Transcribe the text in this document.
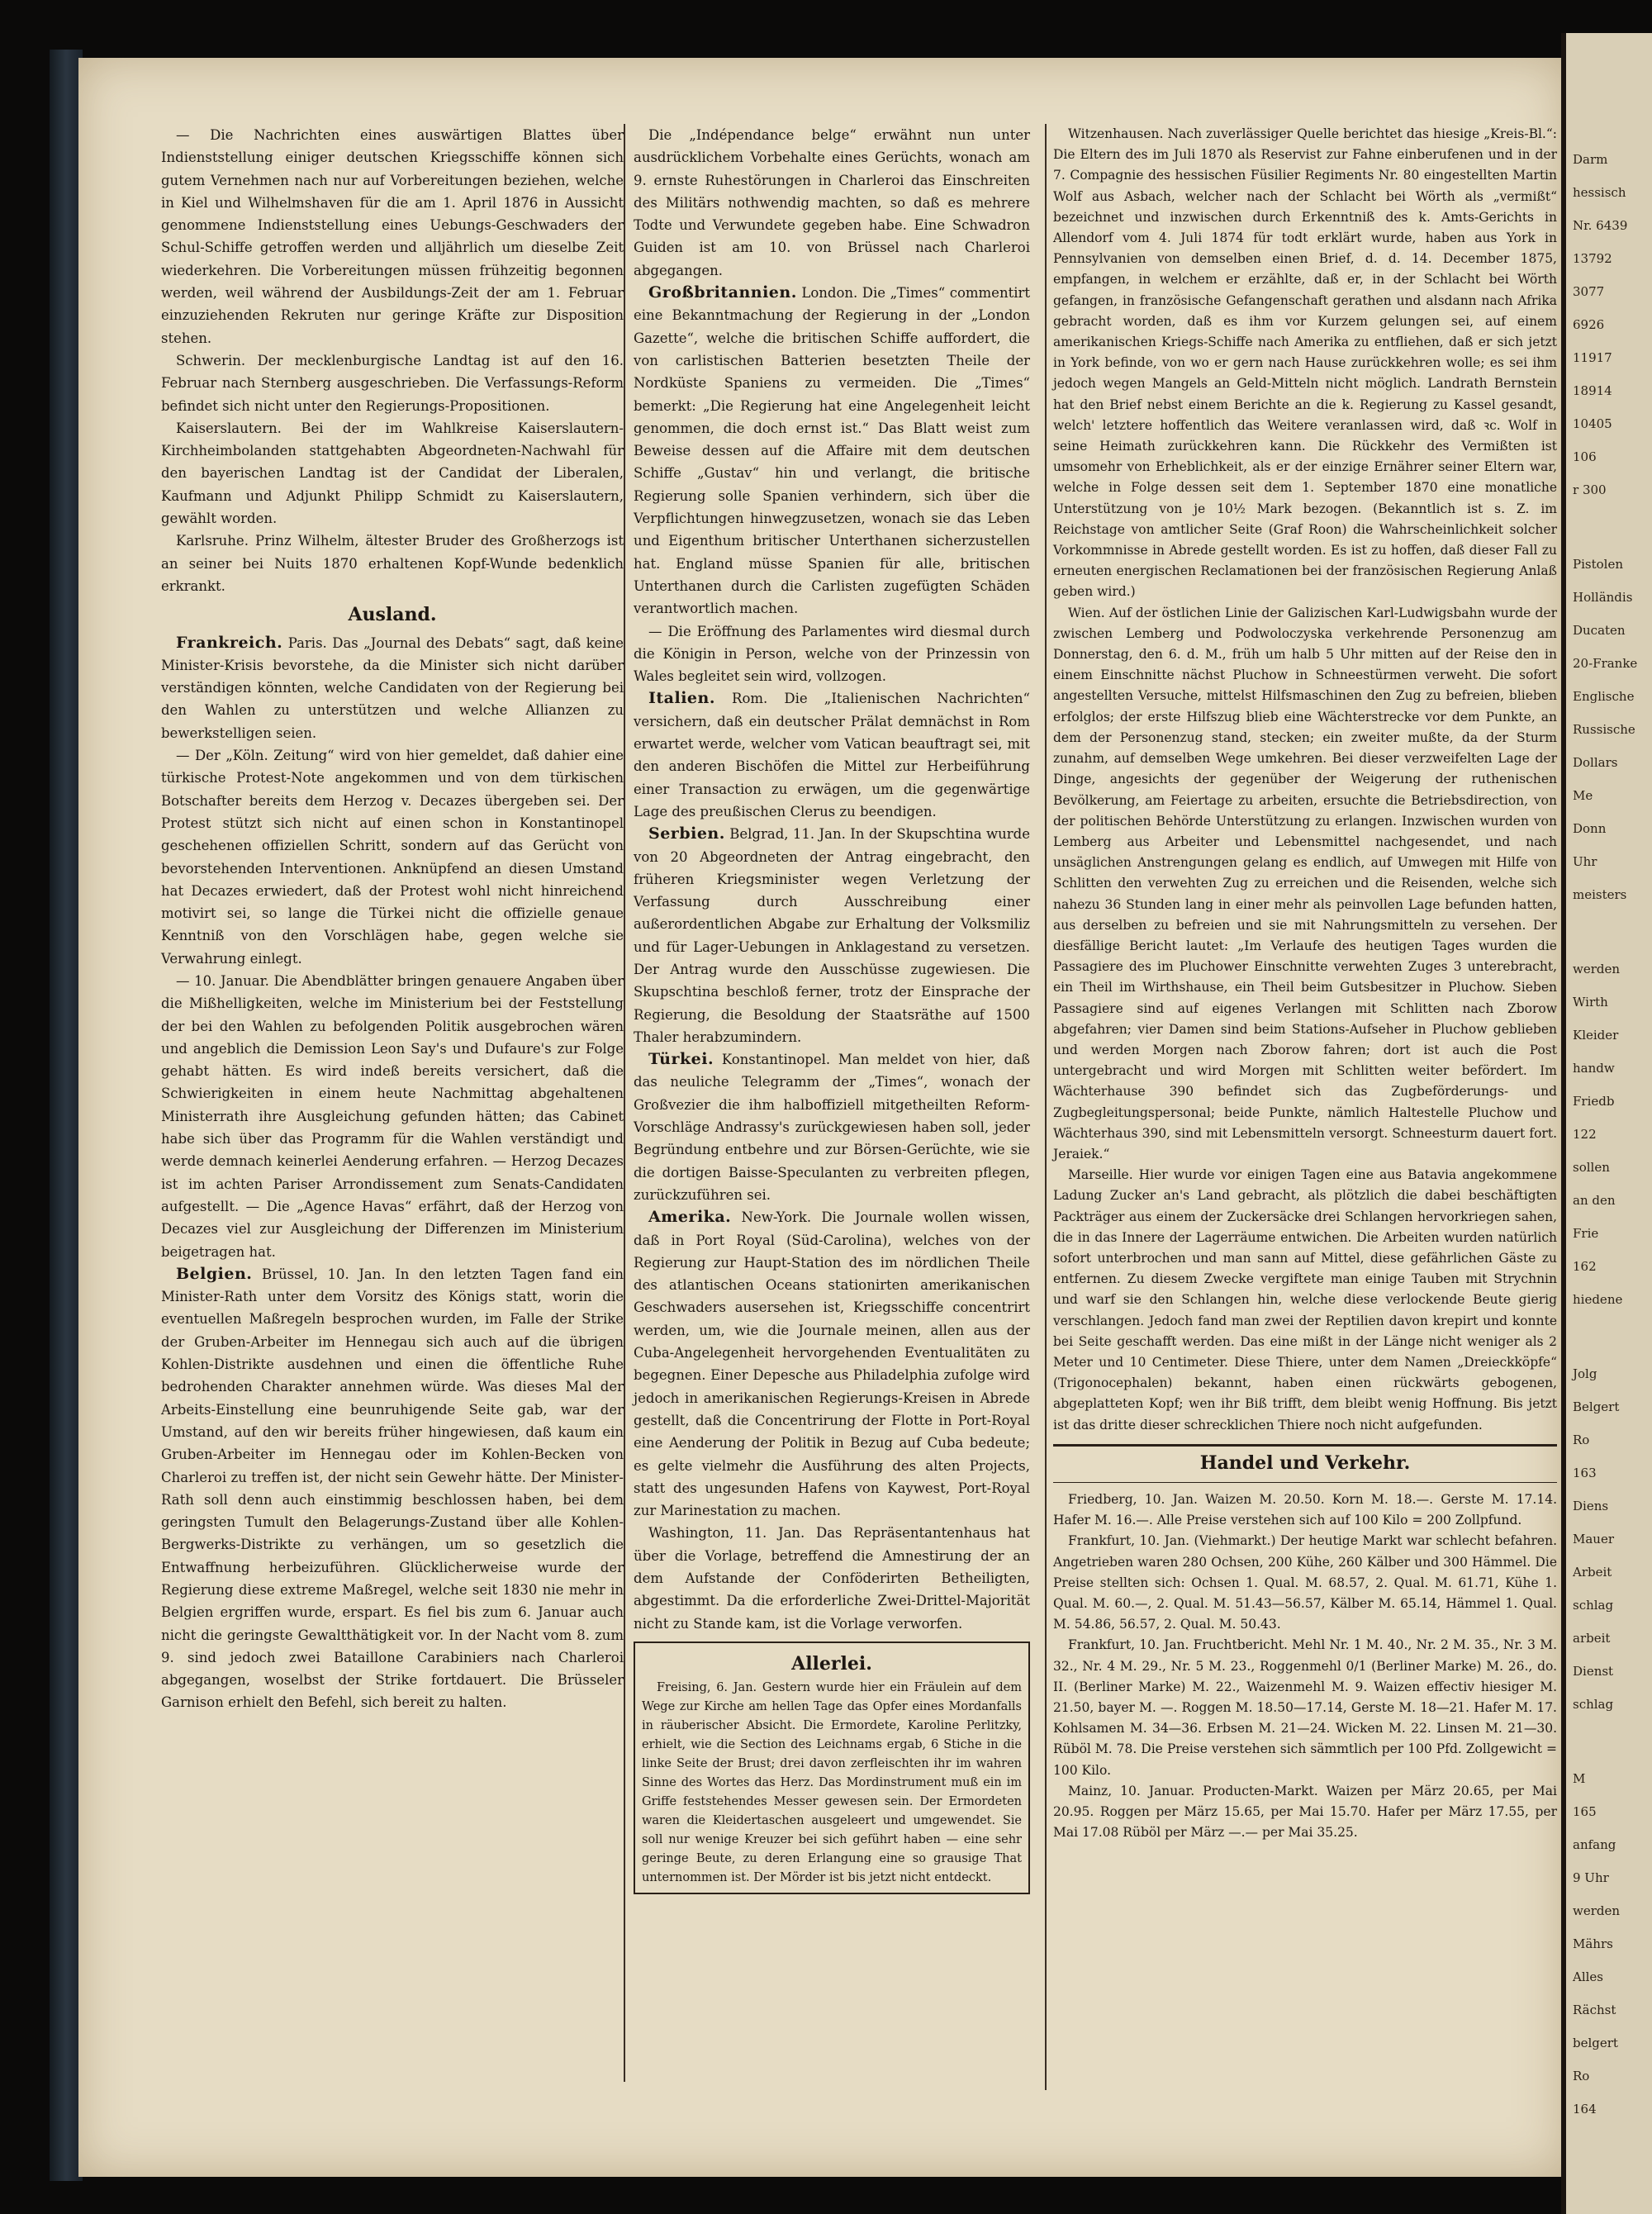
— Die Nachrichten eines auswärtigen Blattes über Indienststellung einiger deutschen Kriegsschiffe können sich gutem Vernehmen nach nur auf Vorbereitungen beziehen, welche in Kiel und Wilhelmshaven für die am 1. April 1876 in Aussicht genommene Indienststellung eines Uebungs-Geschwaders der Schul-Schiffe getroffen werden und alljährlich um dieselbe Zeit wiederkehren. Die Vorbereitungen müssen frühzeitig begonnen werden, weil während der Ausbildungs-Zeit der am 1. Februar einzuziehenden Rekruten nur geringe Kräfte zur Disposition stehen.

Schwerin. Der mecklenburgische Landtag ist auf den 16. Februar nach Sternberg ausgeschrieben. Die Verfassungs-Reform befindet sich nicht unter den Regierungs-Propositionen.

Kaiserslautern. Bei der im Wahlkreise Kaiserslautern-Kirchheimbolanden stattgehabten Abgeordneten-Nachwahl für den bayerischen Landtag ist der Candidat der Liberalen, Kaufmann und Adjunkt Philipp Schmidt zu Kaiserslautern, gewählt worden.

Karlsruhe. Prinz Wilhelm, ältester Bruder des Großherzogs ist an seiner bei Nuits 1870 erhaltenen Kopf-Wunde bedenklich erkrankt.

Ausland.

Frankreich. Paris. Das „Journal des Debats“ sagt, daß keine Minister-Krisis bevorstehe, da die Minister sich nicht darüber verständigen könnten, welche Candidaten von der Regierung bei den Wahlen zu unterstützen und welche Allianzen zu bewerkstelligen seien.

— Der „Köln. Zeitung“ wird von hier gemeldet, daß dahier eine türkische Protest-Note angekommen und von dem türkischen Botschafter bereits dem Herzog v. Decazes übergeben sei. Der Protest stützt sich nicht auf einen schon in Konstantinopel geschehenen offiziellen Schritt, sondern auf das Gerücht von bevorstehenden Interventionen. Anknüpfend an diesen Umstand hat Decazes erwiedert, daß der Protest wohl nicht hinreichend motivirt sei, so lange die Türkei nicht die offizielle genaue Kenntniß von den Vorschlägen habe, gegen welche sie Verwahrung einlegt.

— 10. Januar. Die Abendblätter bringen genauere Angaben über die Mißhelligkeiten, welche im Ministerium bei der Feststellung der bei den Wahlen zu befolgenden Politik ausgebrochen wären und angeblich die Demission Leon Say's und Dufaure's zur Folge gehabt hätten. Es wird indeß bereits versichert, daß die Schwierigkeiten in einem heute Nachmittag abgehaltenen Ministerrath ihre Ausgleichung gefunden hätten; das Cabinet habe sich über das Programm für die Wahlen verständigt und werde demnach keinerlei Aenderung erfahren. — Herzog Decazes ist im achten Pariser Arrondissement zum Senats-Candidaten aufgestellt. — Die „Agence Havas“ erfährt, daß der Herzog von Decazes viel zur Ausgleichung der Differenzen im Ministerium beigetragen hat.

Belgien. Brüssel, 10. Jan. In den letzten Tagen fand ein Minister-Rath unter dem Vorsitz des Königs statt, worin die eventuellen Maßregeln besprochen wurden, im Falle der Strike der Gruben-Arbeiter im Hennegau sich auch auf die übrigen Kohlen-Distrikte ausdehnen und einen die öffentliche Ruhe bedrohenden Charakter annehmen würde. Was dieses Mal der Arbeits-Einstellung eine beunruhigende Seite gab, war der Umstand, auf den wir bereits früher hingewiesen, daß kaum ein Gruben-Arbeiter im Hennegau oder im Kohlen-Becken von Charleroi zu treffen ist, der nicht sein Gewehr hätte. Der Minister-Rath soll denn auch einstimmig beschlossen haben, bei dem geringsten Tumult den Belagerungs-Zustand über alle Kohlen-Bergwerks-Distrikte zu verhängen, um so gesetzlich die Entwaffnung herbeizuführen. Glücklicherweise wurde der Regierung diese extreme Maßregel, welche seit 1830 nie mehr in Belgien ergriffen wurde, erspart. Es fiel bis zum 6. Januar auch nicht die geringste Gewaltthätigkeit vor. In der Nacht vom 8. zum 9. sind jedoch zwei Bataillone Carabiniers nach Charleroi abgegangen, woselbst der Strike fortdauert. Die Brüsseler Garnison erhielt den Befehl, sich bereit zu halten.

Die „Indépendance belge“ erwähnt nun unter ausdrücklichem Vorbehalte eines Gerüchts, wonach am 9. ernste Ruhestörungen in Charleroi das Einschreiten des Militärs nothwendig machten, so daß es mehrere Todte und Verwundete gegeben habe. Eine Schwadron Guiden ist am 10. von Brüssel nach Charleroi abgegangen.

Großbritannien. London. Die „Times“ commentirt eine Bekanntmachung der Regierung in der „London Gazette“, welche die britischen Schiffe auffordert, die von carlistischen Batterien besetzten Theile der Nordküste Spaniens zu vermeiden. Die „Times“ bemerkt: „Die Regierung hat eine Angelegenheit leicht genommen, die doch ernst ist.“ Das Blatt weist zum Beweise dessen auf die Affaire mit dem deutschen Schiffe „Gustav“ hin und verlangt, die britische Regierung solle Spanien verhindern, sich über die Verpflichtungen hinwegzusetzen, wonach sie das Leben und Eigenthum britischer Unterthanen sicherzustellen hat. England müsse Spanien für alle, britischen Unterthanen durch die Carlisten zugefügten Schäden verantwortlich machen.

— Die Eröffnung des Parlamentes wird diesmal durch die Königin in Person, welche von der Prinzessin von Wales begleitet sein wird, vollzogen.

Italien. Rom. Die „Italienischen Nachrichten“ versichern, daß ein deutscher Prälat demnächst in Rom erwartet werde, welcher vom Vatican beauftragt sei, mit den anderen Bischöfen die Mittel zur Herbeiführung einer Transaction zu erwägen, um die gegenwärtige Lage des preußischen Clerus zu beendigen.

Serbien. Belgrad, 11. Jan. In der Skupschtina wurde von 20 Abgeordneten der Antrag eingebracht, den früheren Kriegsminister wegen Verletzung der Verfassung durch Ausschreibung einer außerordentlichen Abgabe zur Erhaltung der Volksmiliz und für Lager-Uebungen in Anklagestand zu versetzen. Der Antrag wurde den Ausschüsse zugewiesen. Die Skupschtina beschloß ferner, trotz der Einsprache der Regierung, die Besoldung der Staatsräthe auf 1500 Thaler herabzumindern.

Türkei. Konstantinopel. Man meldet von hier, daß das neuliche Telegramm der „Times“, wonach der Großvezier die ihm halboffiziell mitgetheilten Reform-Vorschläge Andrassy's zurückgewiesen haben soll, jeder Begründung entbehre und zur Börsen-Gerüchte, wie sie die dortigen Baisse-Speculanten zu verbreiten pflegen, zurückzuführen sei.

Amerika. New-York. Die Journale wollen wissen, daß in Port Royal (Süd-Carolina), welches von der Regierung zur Haupt-Station des im nördlichen Theile des atlantischen Oceans stationirten amerikanischen Geschwaders ausersehen ist, Kriegsschiffe concentrirt werden, um, wie die Journale meinen, allen aus der Cuba-Angelegenheit hervorgehenden Eventualitäten zu begegnen. Einer Depesche aus Philadelphia zufolge wird jedoch in amerikanischen Regierungs-Kreisen in Abrede gestellt, daß die Concentrirung der Flotte in Port-Royal eine Aenderung der Politik in Bezug auf Cuba bedeute; es gelte vielmehr die Ausführung des alten Projects, statt des ungesunden Hafens von Kaywest, Port-Royal zur Marinestation zu machen.

Washington, 11. Jan. Das Repräsentantenhaus hat über die Vorlage, betreffend die Amnestirung der an dem Aufstande der Conföderirten Betheiligten, abgestimmt. Da die erforderliche Zwei-Drittel-Majorität nicht zu Stande kam, ist die Vorlage verworfen.

Allerlei.

Freising, 6. Jan. Gestern wurde hier ein Fräulein auf dem Wege zur Kirche am hellen Tage das Opfer eines Mordanfalls in räuberischer Absicht. Die Ermordete, Karoline Perlitzky, erhielt, wie die Section des Leichnams ergab, 6 Stiche in die linke Seite der Brust; drei davon zerfleischten ihr im wahren Sinne des Wortes das Herz. Das Mordinstrument muß ein im Griffe feststehendes Messer gewesen sein. Der Ermordeten waren die Kleidertaschen ausgeleert und umgewendet. Sie soll nur wenige Kreuzer bei sich geführt haben — eine sehr geringe Beute, zu deren Erlangung eine so grausige That unternommen ist. Der Mörder ist bis jetzt nicht entdeckt.

Witzenhausen. Nach zuverlässiger Quelle berichtet das hiesige „Kreis-Bl.“: Die Eltern des im Juli 1870 als Reservist zur Fahne einberufenen und in der 7. Compagnie des hessischen Füsilier Regiments Nr. 80 eingestellten Martin Wolf aus Asbach, welcher nach der Schlacht bei Wörth als „vermißt“ bezeichnet und inzwischen durch Erkenntniß des k. Amts-Gerichts in Allendorf vom 4. Juli 1874 für todt erklärt wurde, haben aus York in Pennsylvanien von demselben einen Brief, d. d. 14. December 1875, empfangen, in welchem er erzählte, daß er, in der Schlacht bei Wörth gefangen, in französische Gefangenschaft gerathen und alsdann nach Afrika gebracht worden, daß es ihm vor Kurzem gelungen sei, auf einem amerikanischen Kriegs-Schiffe nach Amerika zu entfliehen, daß er sich jetzt in York befinde, von wo er gern nach Hause zurückkehren wolle; es sei ihm jedoch wegen Mangels an Geld-Mitteln nicht möglich. Landrath Bernstein hat den Brief nebst einem Berichte an die k. Regierung zu Kassel gesandt, welch' letztere hoffentlich das Weitere veranlassen wird, daß ꝛc. Wolf in seine Heimath zurückkehren kann. Die Rückkehr des Vermißten ist umsomehr von Erheblichkeit, als er der einzige Ernährer seiner Eltern war, welche in Folge dessen seit dem 1. September 1870 eine monatliche Unterstützung von je 10½ Mark bezogen. (Bekanntlich ist s. Z. im Reichstage von amtlicher Seite (Graf Roon) die Wahrscheinlichkeit solcher Vorkommnisse in Abrede gestellt worden. Es ist zu hoffen, daß dieser Fall zu erneuten energischen Reclamationen bei der französischen Regierung Anlaß geben wird.)

Wien. Auf der östlichen Linie der Galizischen Karl-Ludwigsbahn wurde der zwischen Lemberg und Podwoloczyska verkehrende Personenzug am Donnerstag, den 6. d. M., früh um halb 5 Uhr mitten auf der Reise den in einem Einschnitte nächst Pluchow in Schneestürmen verweht. Die sofort angestellten Versuche, mittelst Hilfsmaschinen den Zug zu befreien, blieben erfolglos; der erste Hilfszug blieb eine Wächterstrecke vor dem Punkte, an dem der Personenzug stand, stecken; ein zweiter mußte, da der Sturm zunahm, auf demselben Wege umkehren. Bei dieser verzweifelten Lage der Dinge, angesichts der gegenüber der Weigerung der ruthenischen Bevölkerung, am Feiertage zu arbeiten, ersuchte die Betriebsdirection, von der politischen Behörde Unterstützung zu erlangen. Inzwischen wurden von Lemberg aus Arbeiter und Lebensmittel nachgesendet, und nach unsäglichen Anstrengungen gelang es endlich, auf Umwegen mit Hilfe von Schlitten den verwehten Zug zu erreichen und die Reisenden, welche sich nahezu 36 Stunden lang in einer mehr als peinvollen Lage befunden hatten, aus derselben zu befreien und sie mit Nahrungsmitteln zu versehen. Der diesfällige Bericht lautet: „Im Verlaufe des heutigen Tages wurden die Passagiere des im Pluchower Einschnitte verwehten Zuges 3 unterebracht, ein Theil im Wirthshause, ein Theil beim Gutsbesitzer in Pluchow. Sieben Passagiere sind auf eigenes Verlangen mit Schlitten nach Zborow abgefahren; vier Damen sind beim Stations-Aufseher in Pluchow geblieben und werden Morgen nach Zborow fahren; dort ist auch die Post untergebracht und wird Morgen mit Schlitten weiter befördert. Im Wächterhause 390 befindet sich das Zugbeförderungs- und Zugbegleitungspersonal; beide Punkte, nämlich Haltestelle Pluchow und Wächterhaus 390, sind mit Lebensmitteln versorgt. Schneesturm dauert fort. Jeraiek.“

Marseille. Hier wurde vor einigen Tagen eine aus Batavia angekommene Ladung Zucker an's Land gebracht, als plötzlich die dabei beschäftigten Packträger aus einem der Zuckersäcke drei Schlangen hervorkriegen sahen, die in das Innere der Lagerräume entwichen. Die Arbeiten wurden natürlich sofort unterbrochen und man sann auf Mittel, diese gefährlichen Gäste zu entfernen. Zu diesem Zwecke vergiftete man einige Tauben mit Strychnin und warf sie den Schlangen hin, welche diese verlockende Beute gierig verschlangen. Jedoch fand man zwei der Reptilien davon krepirt und konnte bei Seite geschafft werden. Das eine mißt in der Länge nicht weniger als 2 Meter und 10 Centimeter. Diese Thiere, unter dem Namen „Dreieckköpfe“ (Trigonocephalen) bekannt, haben einen rückwärts gebogenen, abgeplatteten Kopf; wen ihr Biß trifft, dem bleibt wenig Hoffnung. Bis jetzt ist das dritte dieser schrecklichen Thiere noch nicht aufgefunden.

Handel und Verkehr.

Friedberg, 10. Jan. Waizen M. 20.50. Korn M. 18.—. Gerste M. 17.14. Hafer M. 16.—. Alle Preise verstehen sich auf 100 Kilo = 200 Zollpfund.

Frankfurt, 10. Jan. (Viehmarkt.) Der heutige Markt war schlecht befahren. Angetrieben waren 280 Ochsen, 200 Kühe, 260 Kälber und 300 Hämmel. Die Preise stellten sich: Ochsen 1. Qual. M. 68.57, 2. Qual. M. 61.71, Kühe 1. Qual. M. 60.—, 2. Qual. M. 51.43—56.57, Kälber M. 65.14, Hämmel 1. Qual. M. 54.86, 56.57, 2. Qual. M. 50.43.

Frankfurt, 10. Jan. Fruchtbericht. Mehl Nr. 1 M. 40., Nr. 2 M. 35., Nr. 3 M. 32., Nr. 4 M. 29., Nr. 5 M. 23., Roggenmehl 0/1 (Berliner Marke) M. 26., do. II. (Berliner Marke) M. 22., Waizenmehl M. 9. Waizen effectiv hiesiger M. 21.50, bayer M. —. Roggen M. 18.50—17.14, Gerste M. 18—21. Hafer M. 17. Kohlsamen M. 34—36. Erbsen M. 21—24. Wicken M. 22. Linsen M. 21—30. Rüböl M. 78. Die Preise verstehen sich sämmtlich per 100 Pfd. Zollgewicht = 100 Kilo.

Mainz, 10. Januar. Producten-Markt. Waizen per März 20.65, per Mai 20.95. Roggen per März 15.65, per Mai 15.70. Hafer per März 17.55, per Mai 17.08 Rüböl per März —.— per Mai 35.25.

Darm
hessisch
Nr. 6439
13792
3077
6926
11917
18914
10405
106
r 300
Pistolen
Holländis
Ducaten
20-Franke
Englische
Russische
Dollars
Me
Donn
Uhr
meisters
werden
Wirth
Kleider
handw
Friedb
122
sollen
an den
Frie
162
hiedene
Jolg
Belgert
Ro
163
Diens
Mauer
Arbeit
schlag
arbeit
Dienst
schlag
M
165
anfang
9 Uhr
werden
Mährs
Alles
Rächst
belgert
Ro
164
